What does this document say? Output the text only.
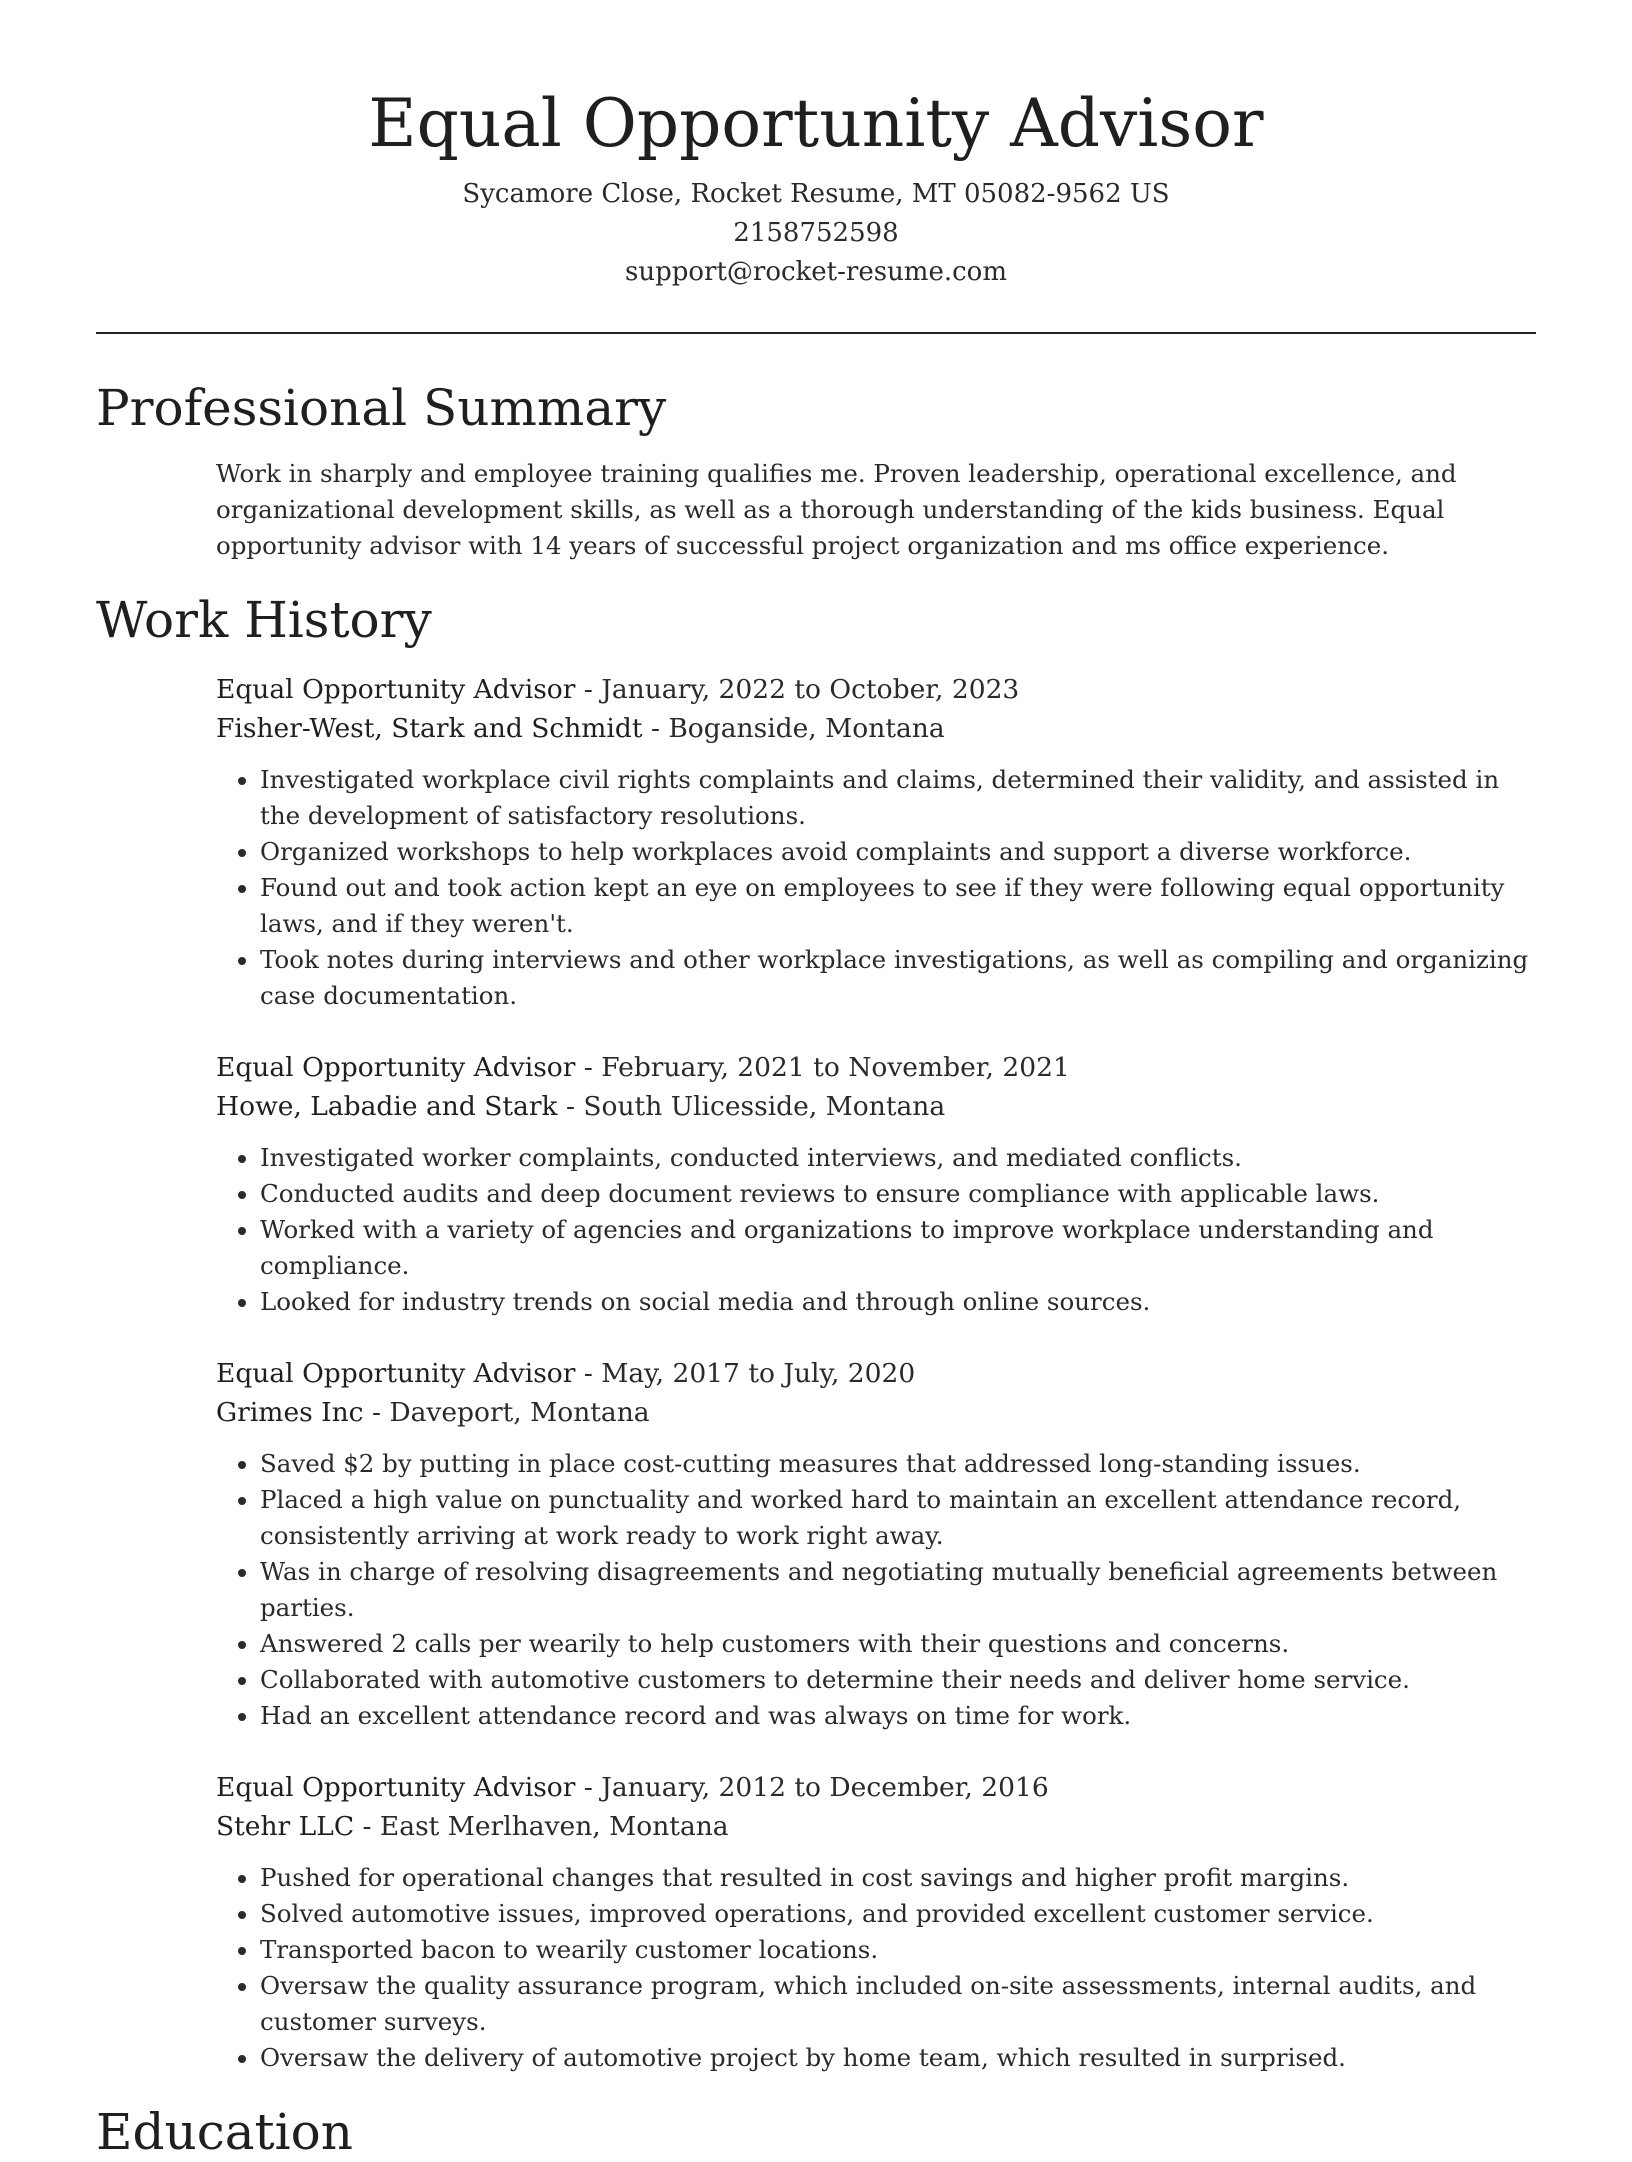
Equal Opportunity Advisor
Sycamore Close, Rocket Resume, MT 05082-9562 US
2158752598
support@rocket-resume.com
Professional Summary

Work in sharply and employee training qualifies me. Proven leadership, operational excellence, and organizational development skills, as well as a thorough understanding of the kids business. Equal opportunity advisor with 14 years of successful project organization and ms office experience.

Work History
Equal Opportunity Advisor - January, 2022 to October, 2023
Fisher-West, Stark and Schmidt - Boganside, Montana
• Investigated workplace civil rights complaints and claims, determined their validity, and assisted in the development of satisfactory resolutions.
• Organized workshops to help workplaces avoid complaints and support a diverse workforce.
• Found out and took action kept an eye on employees to see if they were following equal opportunity laws, and if they weren't.
• Took notes during interviews and other workplace investigations, as well as compiling and organizing case documentation.
Equal Opportunity Advisor - February, 2021 to November, 2021
Howe, Labadie and Stark - South Ulicesside, Montana
• Investigated worker complaints, conducted interviews, and mediated conflicts.
• Conducted audits and deep document reviews to ensure compliance with applicable laws.
• Worked with a variety of agencies and organizations to improve workplace understanding and compliance.
• Looked for industry trends on social media and through online sources.
Equal Opportunity Advisor - May, 2017 to July, 2020
Grimes Inc - Daveport, Montana
• Saved $2 by putting in place cost-cutting measures that addressed long-standing issues.
• Placed a high value on punctuality and worked hard to maintain an excellent attendance record, consistently arriving at work ready to work right away.
• Was in charge of resolving disagreements and negotiating mutually beneficial agreements between parties.
• Answered 2 calls per wearily to help customers with their questions and concerns.
• Collaborated with automotive customers to determine their needs and deliver home service.
• Had an excellent attendance record and was always on time for work.
Equal Opportunity Advisor - January, 2012 to December, 2016
Stehr LLC - East Merlhaven, Montana
• Pushed for operational changes that resulted in cost savings and higher profit margins.
• Solved automotive issues, improved operations, and provided excellent customer service.
• Transported bacon to wearily customer locations.
• Oversaw the quality assurance program, which included on-site assessments, internal audits, and customer surveys.
• Oversaw the delivery of automotive project by home team, which resulted in surprised.
Education
